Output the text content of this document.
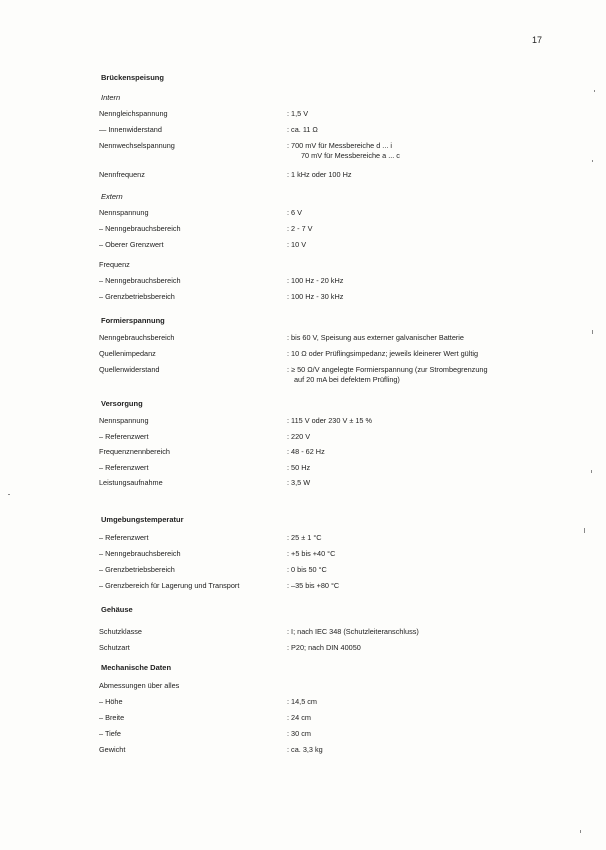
17
Brückenspeisung
Intern
Nenngleichspannung	: 1,5 V
— Innenwiderstand	: ca. 11 Ω
Nennwechselspannung	: 700 mV für Messbereiche d ... i
70 mV für Messbereiche a ... c
Nennfrequenz	: 1 kHz oder 100 Hz
Extern
Nennspannung	: 6 V
– Nenngebrauchsbereich	: 2 - 7 V
– Oberer Grenzwert	: 10 V
Frequenz
– Nenngebrauchsbereich	: 100 Hz - 20 kHz
– Grenzbetriebsbereich	: 100 Hz - 30 kHz
Formierspannung
Nenngebrauchsbereich	: bis 60 V, Speisung aus externer galvanischer Batterie
Quellenimpedanz	: 10 Ω oder Prüflingsimpedanz; jeweils kleinerer Wert gültig
Quellenwiderstand	: ≥ 50 Ω/V angelegte Formierspannung (zur Strombegrenzung
auf 20 mA bei defektem Prüfling)
Versorgung
Nennspannung	: 115 V oder 230 V ± 15 %
– Referenzwert	: 220 V
Frequenznennbereich	: 48 - 62 Hz
– Referenzwert	: 50 Hz
Leistungsaufnahme	: 3,5 W
Umgebungstemperatur
– Referenzwert	: 25 ± 1 °C
– Nenngebrauchsbereich	: +5 bis +40 °C
– Grenzbetriebsbereich	: 0 bis 50 °C
– Grenzbereich für Lagerung und Transport	: –35 bis +80 °C
Gehäuse
Schutzklasse	: I; nach IEC 348 (Schutzleiteranschluss)
Schutzart	: P20; nach DIN 40050
Mechanische Daten
Abmessungen über alles
– Höhe	: 14,5 cm
– Breite	: 24 cm
– Tiefe	: 30 cm
Gewicht	: ca. 3,3 kg
